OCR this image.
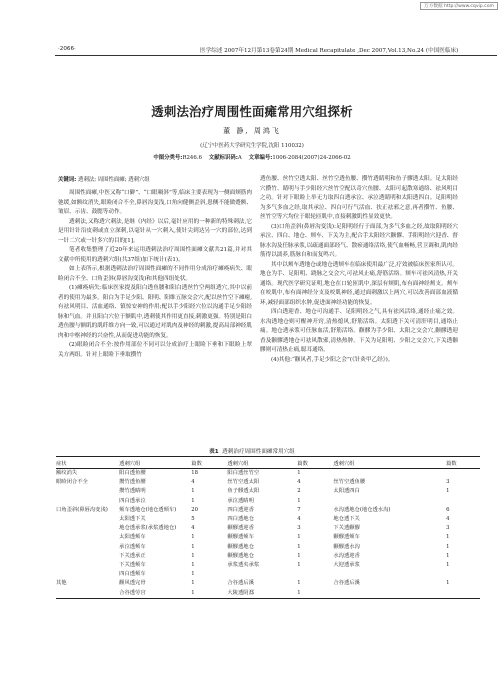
万方数据 http://www.cqvip.com
·2066·	医学综述 2007年12月第13卷第24期 Medical Recapitulate ,Dec 2007,Vol.13,No.24 (中国医临床)
透刺法治疗周围性面瘫常用穴组探析
董 静, 周鸿飞
(辽宁中医药大学研究生学院,沈阳 110032)
中图分类号:R246.6 文献标识码:A 文章编号:1006-2084(2007)24-2066-02
关键词: 透刺法; 周围性面瘫; 透刺穴组

周围性面瘫,中医又称“口僻”、“口眼喎斜”等,临床主要表现为一侧面颊筋肉弛缓,如额纹消失,眼睑闭合不全,鼻唇沟变浅,口角向健侧歪斜,患侧不能做蹙额、皱眉、示齿、鼓腮等动作。

透刺法,又称透穴刺法,是继《内经》以后,毫针应用的一种新的特殊刺法,它是用针针沿皮刺或直立深刺,以毫针从一穴刺入,使针尖到达另一穴的部位,达到一针二穴或一针多穴的目的[1]。

笔者收集整理了近20年来运用透刺法治疗周围性面瘫文献共21篇,并对其文献中所使用的透刺穴组(共37组)加下统计(表1)。

如上表所示,根据透刺法治疗周围性面瘫的不同作用分成治疗瘫痪病失、眼睑闭合不全、口角歪斜(鼻唇沟变浅)和其他四组处状。

(1)瘫痪病失:临床医家提及阳白透鱼腰和阳白透丝竹空两组透穴,其中以前者的使用为最多。阳白为手足少阳、阳明、阳维五脉交会穴,配以丝竹空下瘫瘪,有祛风明目、活血通络、镇惊安神的作用;配以手少阳经穴位以沟通手足少阳经脉和气血。并且阳白穴位于额肌中,透刺使其作用更直接,刺激更强。特别是阳白透鱼腰与额肌的肌纤维方向一致,可以通过对肌肉及神经的刺激,提高局部神经肌肉和中枢神经的兴奋性,从而促进功能的恢复。

(2)眼睑闭合不全:按作用部位不同可以分成治疗上眼睑下垂和下眼睑上翠关方两组。针对上眼睑下垂取攒竹

透鱼腰、丝竹空透太阳、丝竹空透鱼腰、攒竹透睛明和鱼子髎透太阳。足太阳经穴攒竹、睛明与手少阳经穴丝竹空配以奇穴鱼腰、太阳可起散寒通络、祛风明目之功。针对下眼睑上举无力取四白透承泣、承泣透睛明和太阳透四白。足阳明经为多气多血之经,取其承泣、四白可行气活血、扶正祛邪之意,再者攒竹、鱼腰、丝竹空等穴均位于眼轮匝肌中,直接刺激肌性显效更快。

(3)口角歪斜(鼻唇沟变浅):足阳明经行于面部,为多气多血之经,故取阳明经穴承泣、四白、地仓、颊车、下关为主,配合手太阳经穴颧髎、手阳明经穴迎香、督脉水沟及任脉承浆,以疏通面部经气、散瘀通络活络,使气血畅畅,营卫调和,肌肉经筋得以濡养,筋脉自和而复鸣兴。

其中以颊车透地仓或地仓透颊车在临床使用最广泛,疗效被临床医家所认可。地仓为手、足阳明、跷脉之交会穴,可祛风止痛,舒筋活络。颊车可祛风清热,开关通络。现代医学研究证明,地仓在口轮匝肌中,深层有颊肌,布有面神经颊支。颊车在咬肌中,布有面神经分支及咬肌神经,通过面刺激以上两穴,可以改善面部血液循环,减轻面部组织水肿,促进面神经功能的恢复。

四白透迎香、地仓可沟通手、足阳明经之气,具有祛风活络,通经止痛之效。水沟透地仓则可醒神开窍,清热熄风,舒筋活络。太阳透下关可清肝明目,通络止痛。地仓透承浆可任脉血活,舒筋活络。颧髎为手少阳、太阳之交会穴,颧髎透迎香及颧髎透地仓可祛风散邪,清热热肿。下关为足阳明、少阳之交会穴,下关透颧髎则可清热止痛,聪耳通络。

(4)其他:“颧风者,手足少阳之会”(《针灸甲乙经》)。

表1 透刺治疗周围性面瘫常用穴组
症状	透刺穴组	篇数	透刺穴组	篇数	透刺穴组	篇数
额纹消失	阳白透鱼腰	18	阳白透丝竹空	1		
眼睑闭合不全	攒竹透鱼腰	4	丝竹空透太阳	4	丝竹空透鱼腰	3
	攒竹透睛明	1	鱼子髎透太阳	2	太阳透四白	1
	四白透承泣	1	承泣透睛明	1		
口角歪斜(鼻唇沟变浅)	颊车透地仓(地仓透颊车)	20	四白透迎香	7	水沟透地仓(地仓透水沟)	6
	太阳透下关	5	四白透地仓	4	地仓透下关	4
	地仓透承浆(承浆透地仓)	4	颧髎透迎香	3	下关透颧髎	3
	太阳透颊车	1	颧髎透颊车	1	颧髎透颊车	1
	承泣透颊车	1	颧髎透地仓	1	颧髎透水沟	1
	下关透承正	1	颧髎透地仓	1	水沟透迎香	1
	下关透颊车	1	承浆透夹承浆	1	大迎透承浆	1
	四白透颊车	1				
其他	颧风透完骨	1	合谷透后溪	1	合谷透后溪	1
	合谷透劳宫	1	大陵透阴郄	1		
